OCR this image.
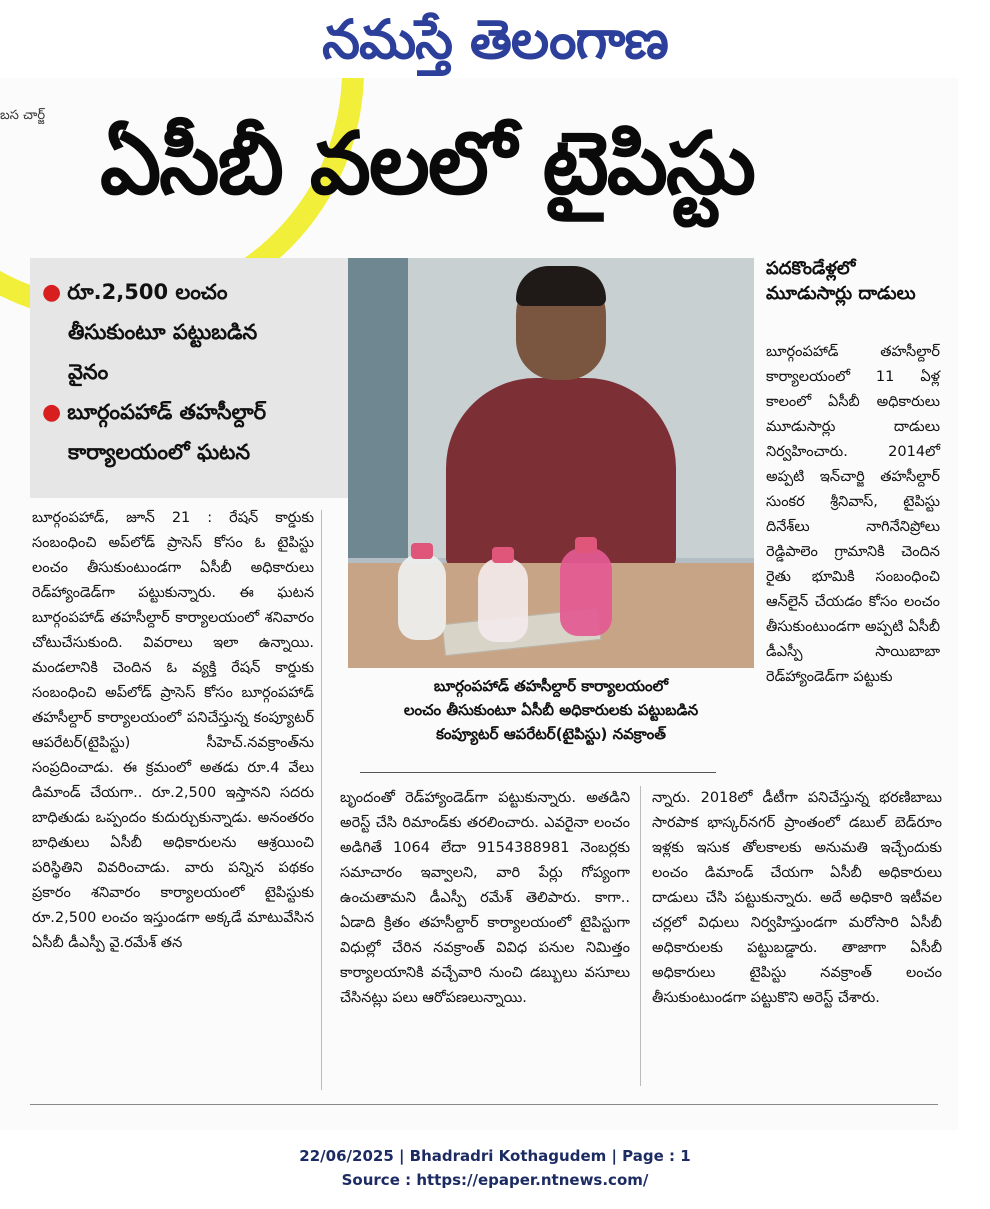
నమస్తే తెలంగాణ
బస చార్జ్ ఏసీబీ వలలో టైపిస్టు
● రూ.2,500 లంచం
తీసుకుంటూ పట్టుబడిన
వైనం
● బూర్గంపహాడ్ తహసీల్దార్
కార్యాలయంలో ఘటన
బూర్గంపహాడ్ తహసీల్దార్ కార్యాలయంలో
లంచం తీసుకుంటూ ఏసీబీ అధికారులకు పట్టుబడిన
కంప్యూటర్ ఆపరేటర్(టైపిస్టు) నవక్రాంత్
పదకొండేళ్లలో మూడుసార్లు దాడులు
బూర్గంపహాడ్ తహసీల్దార్ కార్యాలయంలో 11 ఏళ్ల కాలంలో ఏసీబీ అధికారులు మూడుసార్లు దాడులు నిర్వహించారు. 2014లో అప్పటి ఇన్‌చార్జి తహసీల్దార్ సుంకర శ్రీనివాస్, టైపిస్టు దినేశ్‌లు నాగినేనిప్రోలు రెడ్డిపాలెం గ్రామానికి చెందిన రైతు భూమికి సంబంధించి ఆన్‌లైన్ చేయడం కోసం లంచం తీసుకుంటుండగా అప్పటి ఏసీబీ డీఎస్పీ సాయిబాబా రెడ్‌హ్యాండెడ్‌గా పట్టుకు
బూర్గంపహాడ్, జూన్ 21 : రేషన్ కార్డుకు సంబంధించి అప్‌లోడ్ ప్రాసెస్ కోసం ఓ టైపిస్టు లంచం తీసుకుంటుండగా ఏసీబీ అధికారులు రెడ్‌హ్యాండెడ్‌గా పట్టుకున్నారు. ఈ ఘటన బూర్గంపహాడ్ తహసీల్దార్ కార్యాలయంలో శనివారం చోటుచేసుకుంది. వివరాలు ఇలా ఉన్నాయి. మండలానికి చెందిన ఓ వ్యక్తి రేషన్ కార్డుకు సంబంధించి అప్‌లోడ్ ప్రాసెస్ కోసం బూర్గంపహాడ్ తహసీల్దార్ కార్యాలయంలో పనిచేస్తున్న కంప్యూటర్ ఆపరేటర్(టైపిస్టు) సీహెచ్.నవక్రాంత్‌ను సంప్రదించాడు. ఈ క్రమంలో అతడు రూ.4 వేలు డిమాండ్ చేయగా.. రూ.2,500 ఇస్తానని సదరు బాధితుడు ఒప్పందం కుదుర్చుకున్నాడు. అనంతరం బాధితులు ఏసీబీ అధికారులను ఆశ్రయించి పరిస్థితిని వివరించాడు. వారు పన్నిన పథకం ప్రకారం శనివారం కార్యాలయంలో టైపిస్టుకు రూ.2,500 లంచం ఇస్తుండగా అక్కడే మాటువేసిన ఏసీబీ డీఎస్పీ వై.రమేశ్ తన
బృందంతో రెడ్‌హ్యాండెడ్‌గా పట్టుకున్నారు. అతడిని అరెస్ట్ చేసి రిమాండ్‌కు తరలించారు. ఎవరైనా లంచం అడిగితే 1064 లేదా 9154388981 నెంబర్లకు సమాచారం ఇవ్వాలని, వారి పేర్లు గోప్యంగా ఉంచుతామని డీఎస్పీ రమేశ్ తెలిపారు. కాగా.. ఏడాది క్రితం తహసీల్దార్ కార్యాలయంలో టైపిస్టుగా విధుల్లో చేరిన నవక్రాంత్ వివిధ పనుల నిమిత్తం కార్యాలయానికి వచ్చేవారి నుంచి డబ్బులు వసూలు చేసినట్లు పలు ఆరోపణలున్నాయి.
న్నారు. 2018లో డీటీగా పనిచేస్తున్న భరణిబాబు సారపాక భాస్కర్‌నగర్ ప్రాంతంలో డబుల్ బెడ్‌రూం ఇళ్లకు ఇసుక తోలకాలకు అనుమతి ఇచ్చేందుకు లంచం డిమాండ్ చేయగా ఏసీబీ అధికారులు దాడులు చేసి పట్టుకున్నారు. అదే అధికారి ఇటీవల చర్లలో విధులు నిర్వహిస్తుండగా మరోసారి ఏసీబీ అధికారులకు పట్టుబడ్డారు. తాజాగా ఏసీబీ అధికారులు టైపిస్టు నవక్రాంత్ లంచం తీసుకుంటుండగా పట్టుకొని అరెస్ట్ చేశారు.
22/06/2025 | Bhadradri Kothagudem | Page : 1
Source : https://epaper.ntnews.com/
